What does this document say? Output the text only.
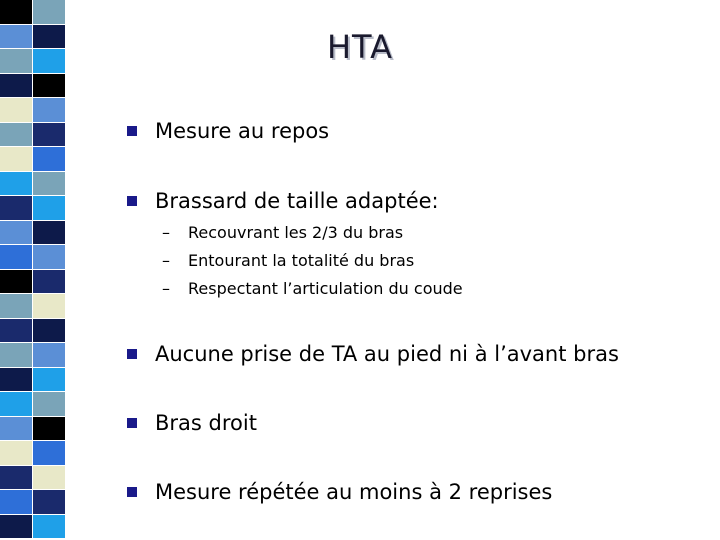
HTA
Mesure au repos
Brassard de taille adaptée:
–	Recouvrant les 2/3 du bras
–	Entourant la totalité du bras
–	Respectant l’articulation du coude
Aucune prise de TA au pied ni à l’avant bras
Bras droit
Mesure répétée au moins à 2 reprises
